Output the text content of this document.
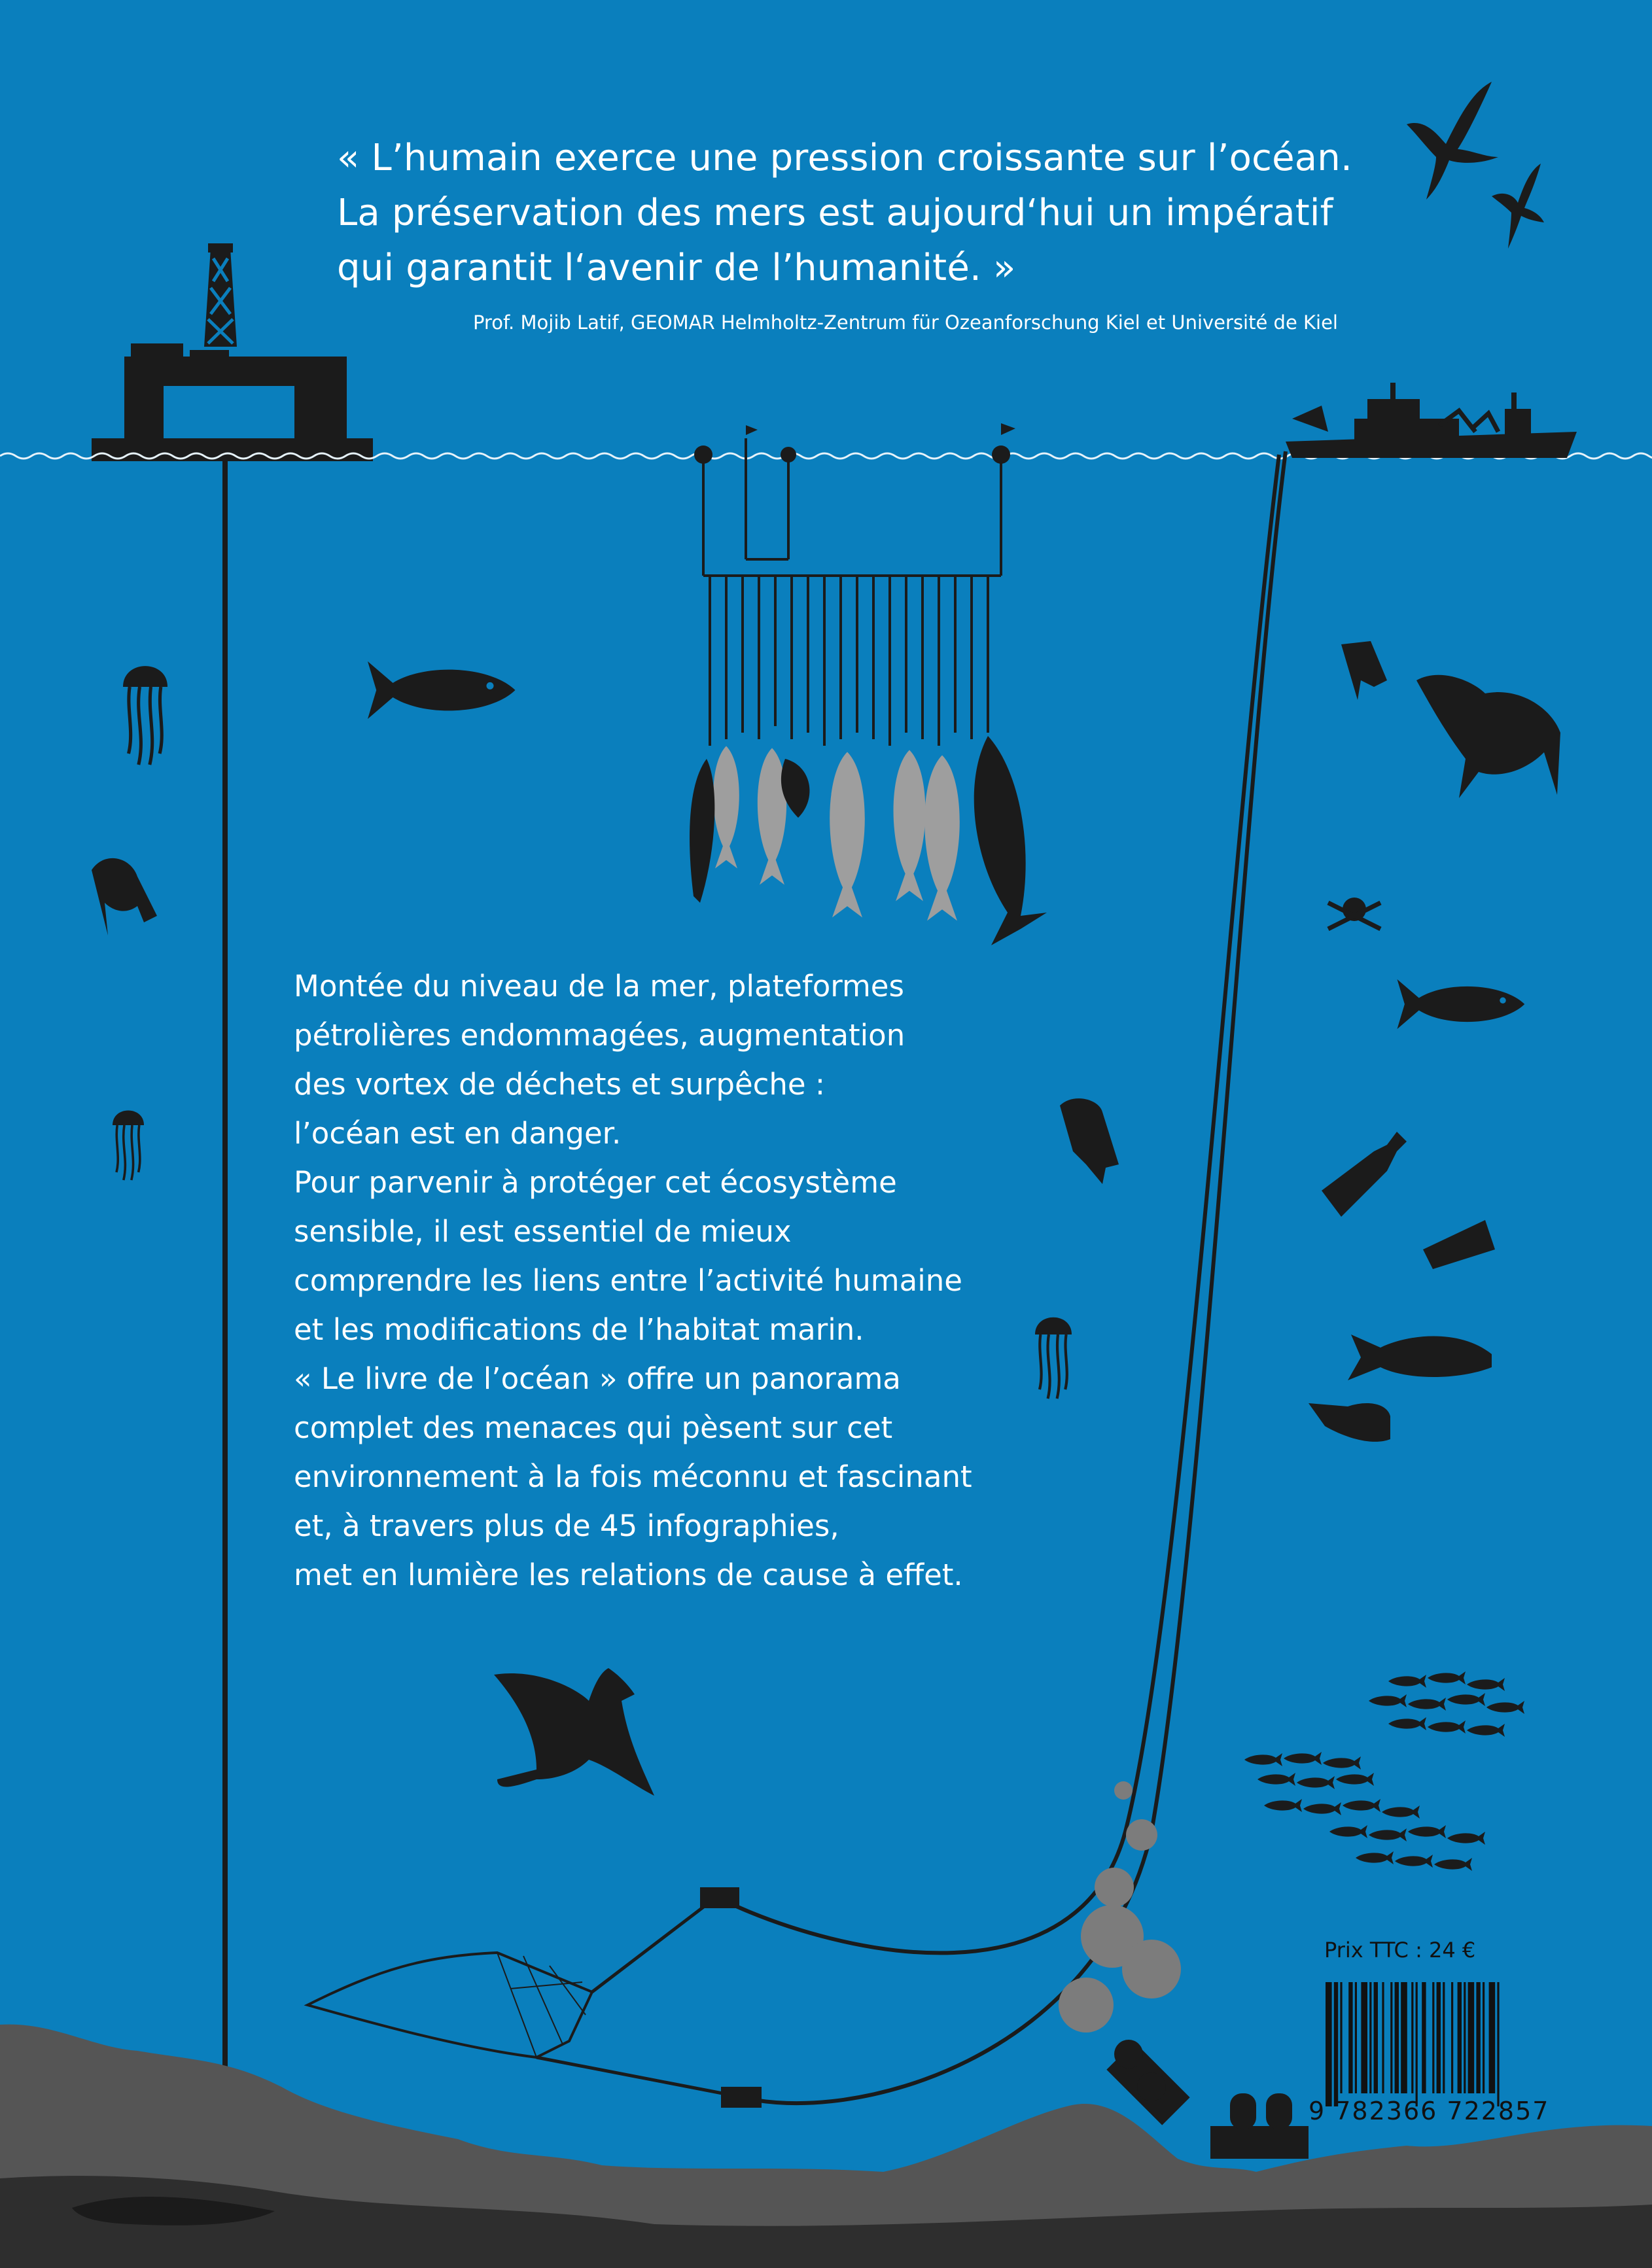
« L’humain exerce une pression croissante sur l’océan.
La préservation des mers est aujourd‘hui un impératif
qui garantit l‘avenir de l’humanité. »
Prof. Mojib Latif, GEOMAR Helmholtz-Zentrum für Ozeanforschung Kiel et Université de Kiel
Montée du niveau de la mer, plateformes
pétrolières endommagées, augmentation
des vortex de déchets et surpêche :
l’océan est en danger.
Pour parvenir à protéger cet écosystème
sensible, il est essentiel de mieux
comprendre les liens entre l’activité humaine
et les modifications de l’habitat marin.
« Le livre de l’océan » offre un panorama
complet des menaces qui pèsent sur cet
environnement à la fois méconnu et fascinant
et, à travers plus de 45 infographies,
met en lumière les relations de cause à effet.
Prix TTC : 24 €
9 782366 722857
